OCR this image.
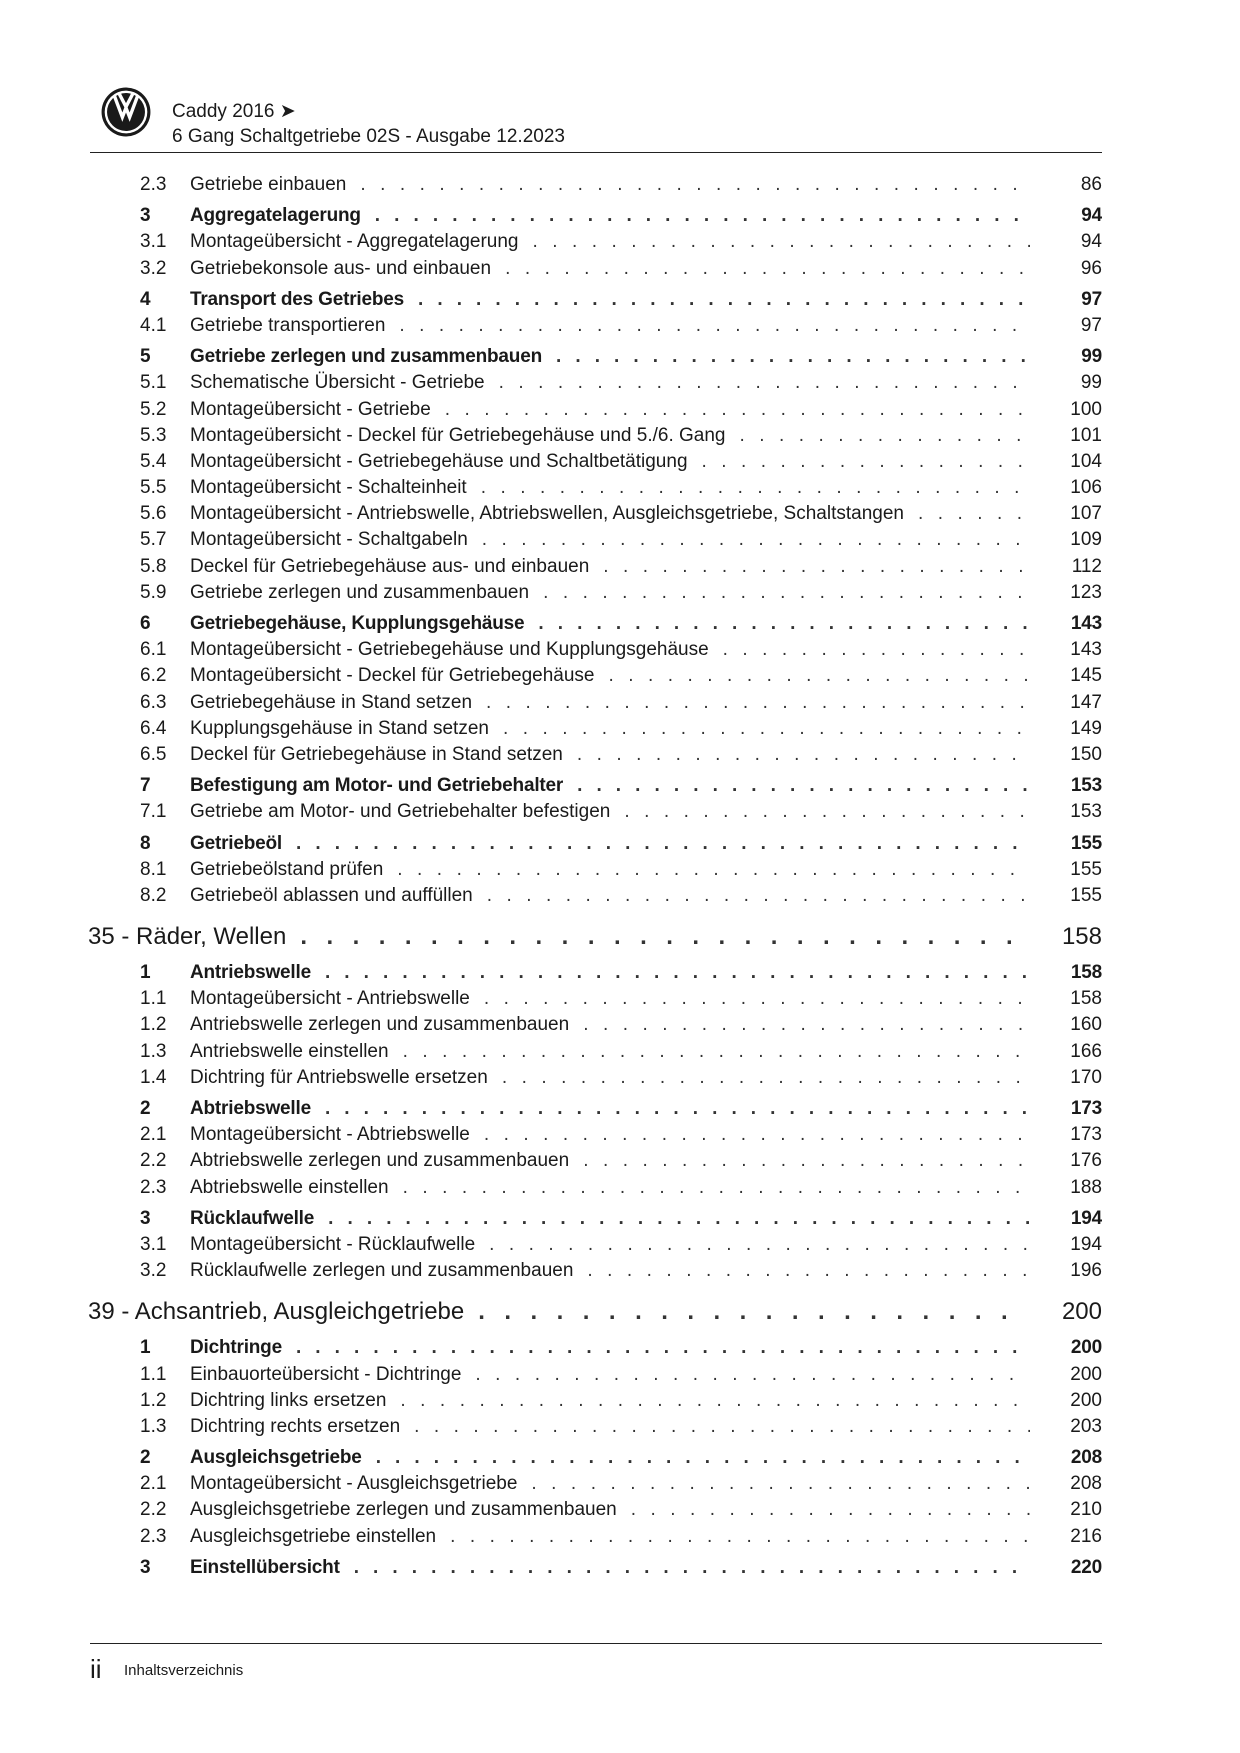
Caddy 2016 ➤
6 Gang Schaltgetriebe 02S - Ausgabe 12.2023
2.3	Getriebe einbauen . . .	86
3	Aggregatelagerung . . .	94
3.1	Montageübersicht - Aggregatelagerung . . .	94
3.2	Getriebekonsole aus- und einbauen . . .	96
4	Transport des Getriebes . . .	97
4.1	Getriebe transportieren . . .	97
5	Getriebe zerlegen und zusammenbauen . . .	99
5.1	Schematische Übersicht - Getriebe . . .	99
5.2	Montageübersicht - Getriebe . . .	100
5.3	Montageübersicht - Deckel für Getriebegehäuse und 5./6. Gang . . .	101
5.4	Montageübersicht - Getriebegehäuse und Schaltbetätigung . . .	104
5.5	Montageübersicht - Schalteinheit . . .	106
5.6	Montageübersicht - Antriebswelle, Abtriebswellen, Ausgleichsgetriebe, Schaltstangen . . .	107
5.7	Montageübersicht - Schaltgabeln . . .	109
5.8	Deckel für Getriebegehäuse aus- und einbauen . . .	112
5.9	Getriebe zerlegen und zusammenbauen . . .	123
6	Getriebegehäuse, Kupplungsgehäuse . . .	143
6.1	Montageübersicht - Getriebegehäuse und Kupplungsgehäuse . . .	143
6.2	Montageübersicht - Deckel für Getriebegehäuse . . .	145
6.3	Getriebegehäuse in Stand setzen . . .	147
6.4	Kupplungsgehäuse in Stand setzen . . .	149
6.5	Deckel für Getriebegehäuse in Stand setzen . . .	150
7	Befestigung am Motor- und Getriebehalter . . .	153
7.1	Getriebe am Motor- und Getriebehalter befestigen . . .	153
8	Getriebeöl . . .	155
8.1	Getriebeölstand prüfen . . .	155
8.2	Getriebeöl ablassen und auffüllen . . .	155
35 - Räder, Wellen . . .	158
1	Antriebswelle . . .	158
1.1	Montageübersicht - Antriebswelle . . .	158
1.2	Antriebswelle zerlegen und zusammenbauen . . .	160
1.3	Antriebswelle einstellen . . .	166
1.4	Dichtring für Antriebswelle ersetzen . . .	170
2	Abtriebswelle . . .	173
2.1	Montageübersicht - Abtriebswelle . . .	173
2.2	Abtriebswelle zerlegen und zusammenbauen . . .	176
2.3	Abtriebswelle einstellen . . .	188
3	Rücklaufwelle . . .	194
3.1	Montageübersicht - Rücklaufwelle . . .	194
3.2	Rücklaufwelle zerlegen und zusammenbauen . . .	196
39 - Achsantrieb, Ausgleichgetriebe . . .	200
1	Dichtringe . . .	200
1.1	Einbauorteübersicht - Dichtringe . . .	200
1.2	Dichtring links ersetzen . . .	200
1.3	Dichtring rechts ersetzen . . .	203
2	Ausgleichsgetriebe . . .	208
2.1	Montageübersicht - Ausgleichsgetriebe . . .	208
2.2	Ausgleichsgetriebe zerlegen und zusammenbauen . . .	210
2.3	Ausgleichsgetriebe einstellen . . .	216
3	Einstellübersicht . . .	220
ii Inhaltsverzeichnis
